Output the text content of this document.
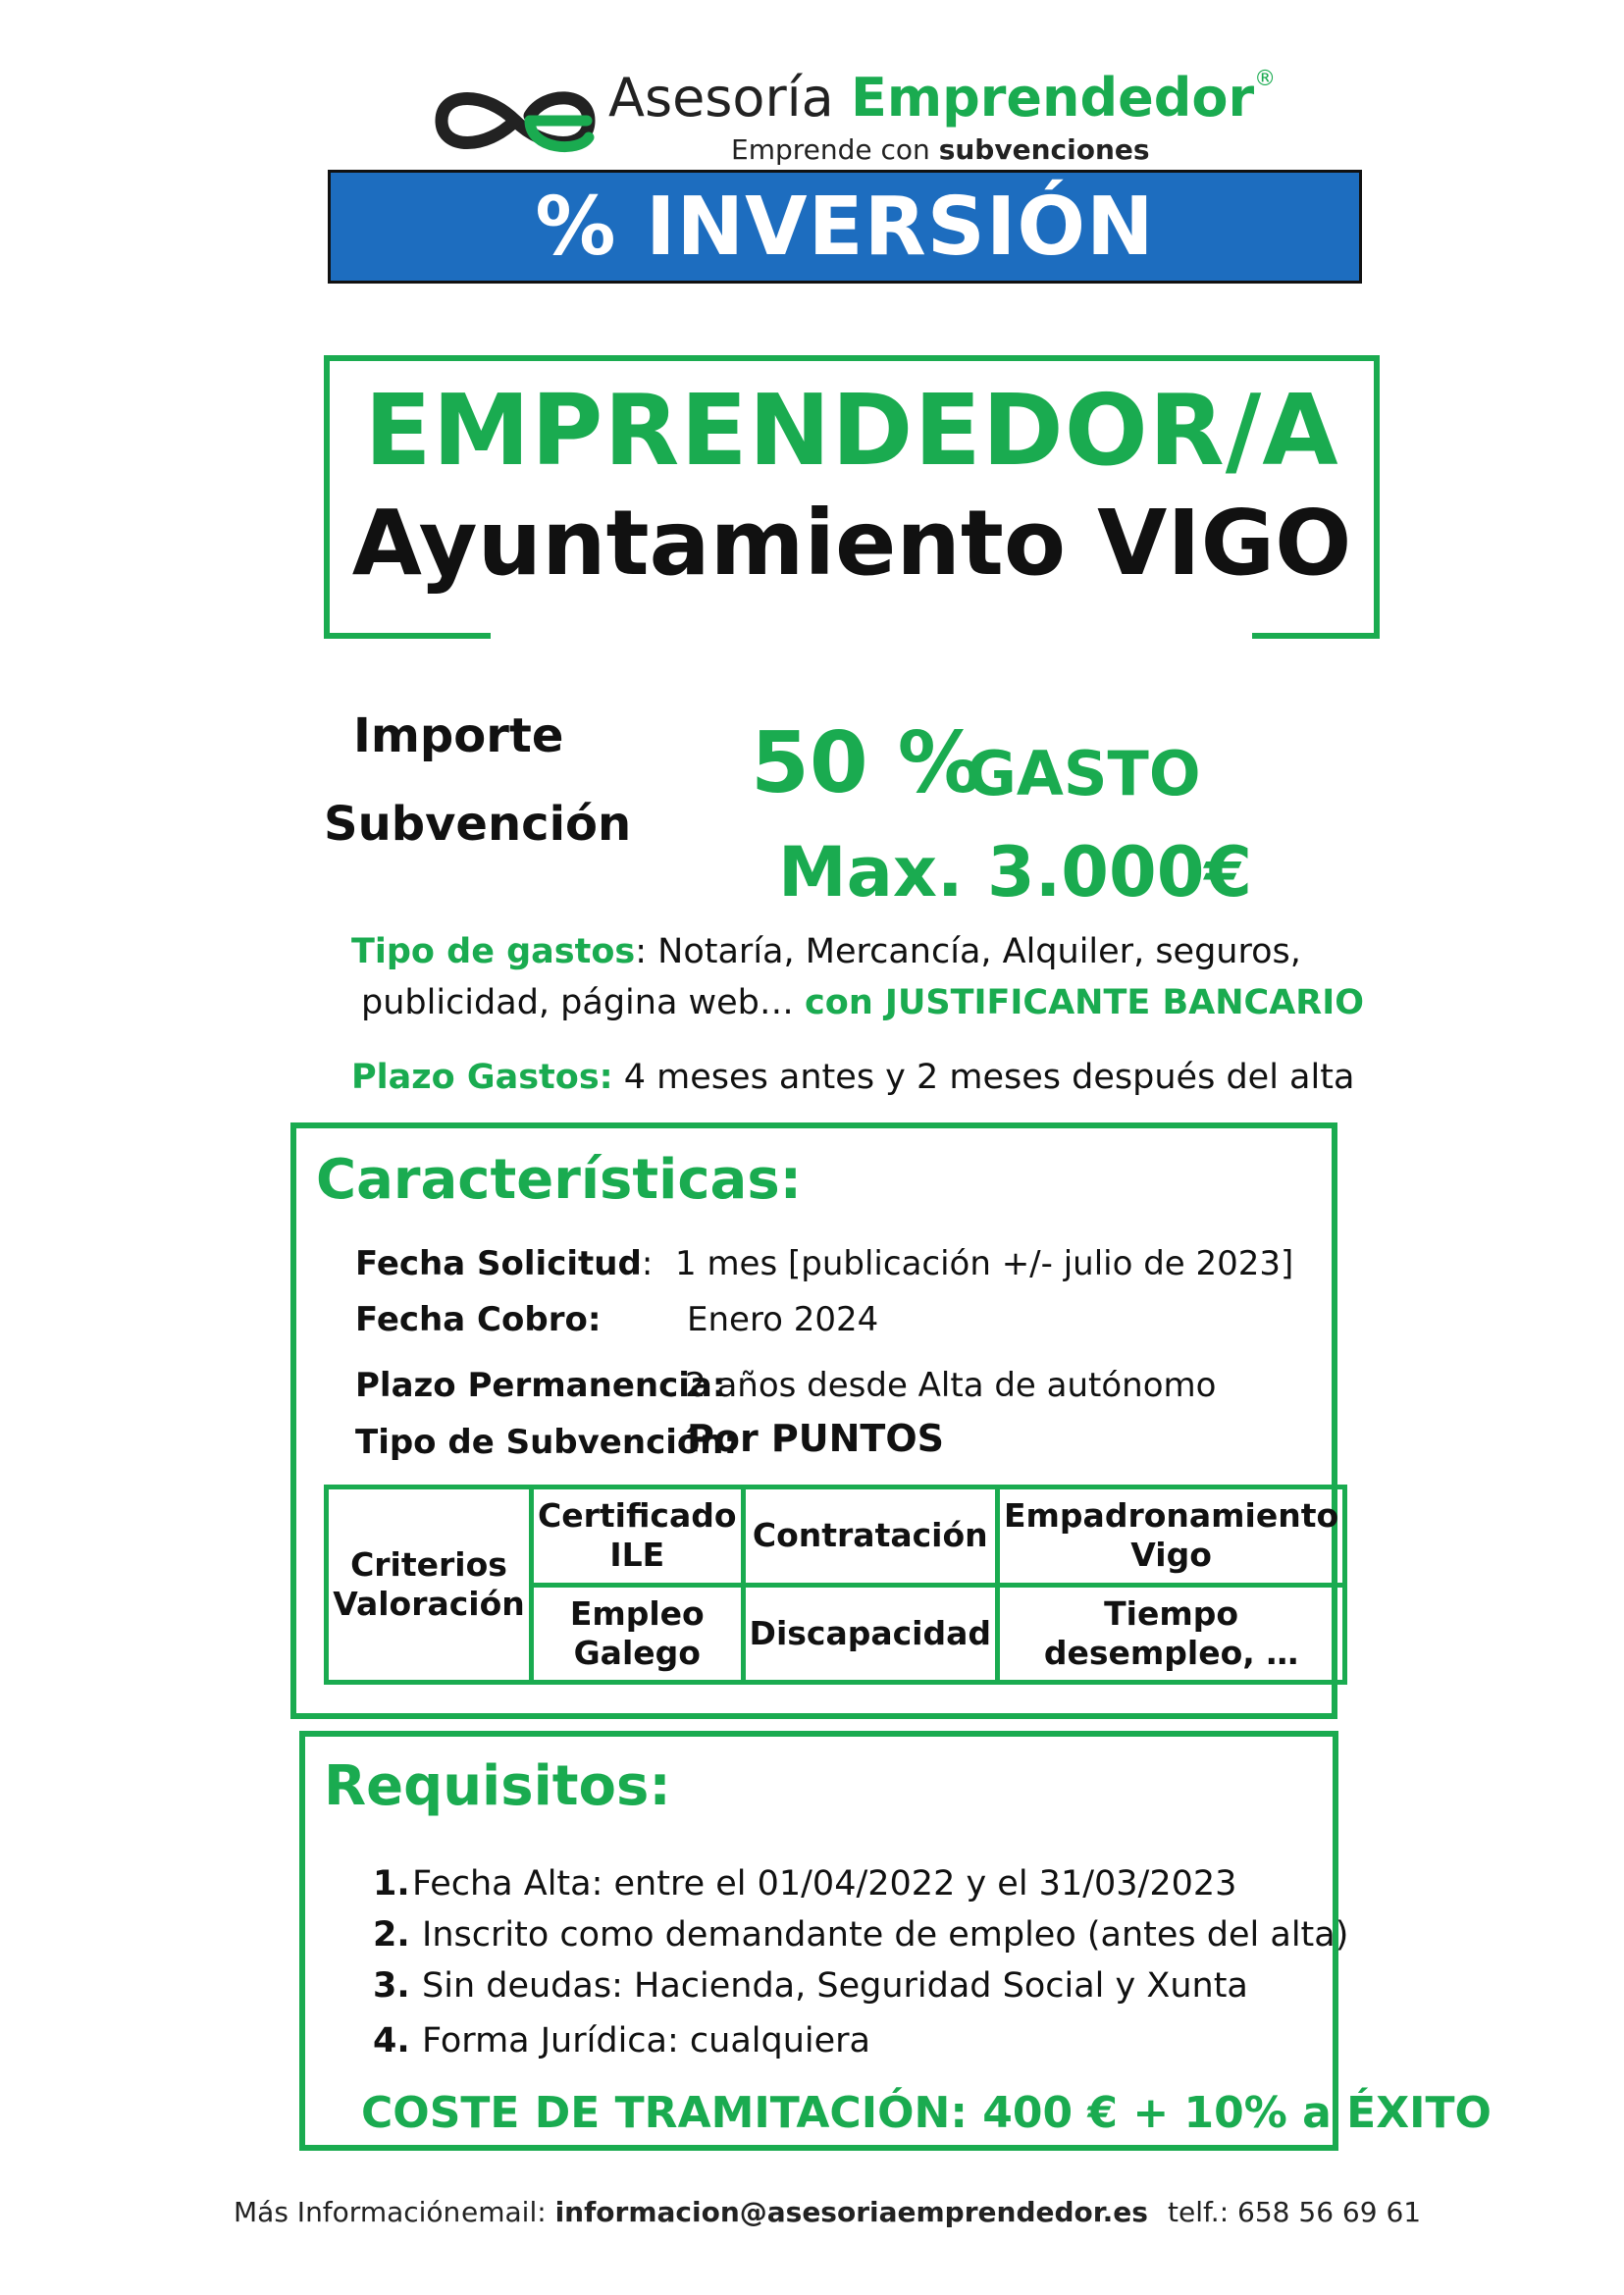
Asesoría Emprendedor®
Emprende con subvenciones
% INVERSIÓN
EMPRENDEDOR/A
Ayuntamiento VIGO
Importe
Subvención
50 %
GASTO
Max. 3.000€
Tipo de gastos: Notaría, Mercancía, Alquiler, seguros,
publicidad, página web… con JUSTIFICANTE BANCARIO
Plazo Gastos: 4 meses antes y 2 meses después del alta
Características:
Fecha Solicitud: 1 mes [publicación +/- julio de 2023]
Fecha Cobro:	Enero 2024
Plazo Permanencia:
2 años desde Alta de autónomo
Tipo de Subvención:
Por PUNTOS
Criterios Valoración	Certificado ILE	Contratación	Empadronamiento Vigo
	Empleo Galego	Discapacidad	Tiempo desempleo, …
Requisitos:
1.Fecha Alta: entre el 01/04/2022 y el 31/03/2023
2. Inscrito como demandante de empleo (antes del alta)
3. Sin deudas: Hacienda, Seguridad Social y Xunta
4. Forma Jurídica: cualquiera
COSTE DE TRAMITACIÓN: 400 € + 10% a ÉXITO
Más Información email: informacion@asesoriaemprendedor.es telf.: 658 56 69 61
